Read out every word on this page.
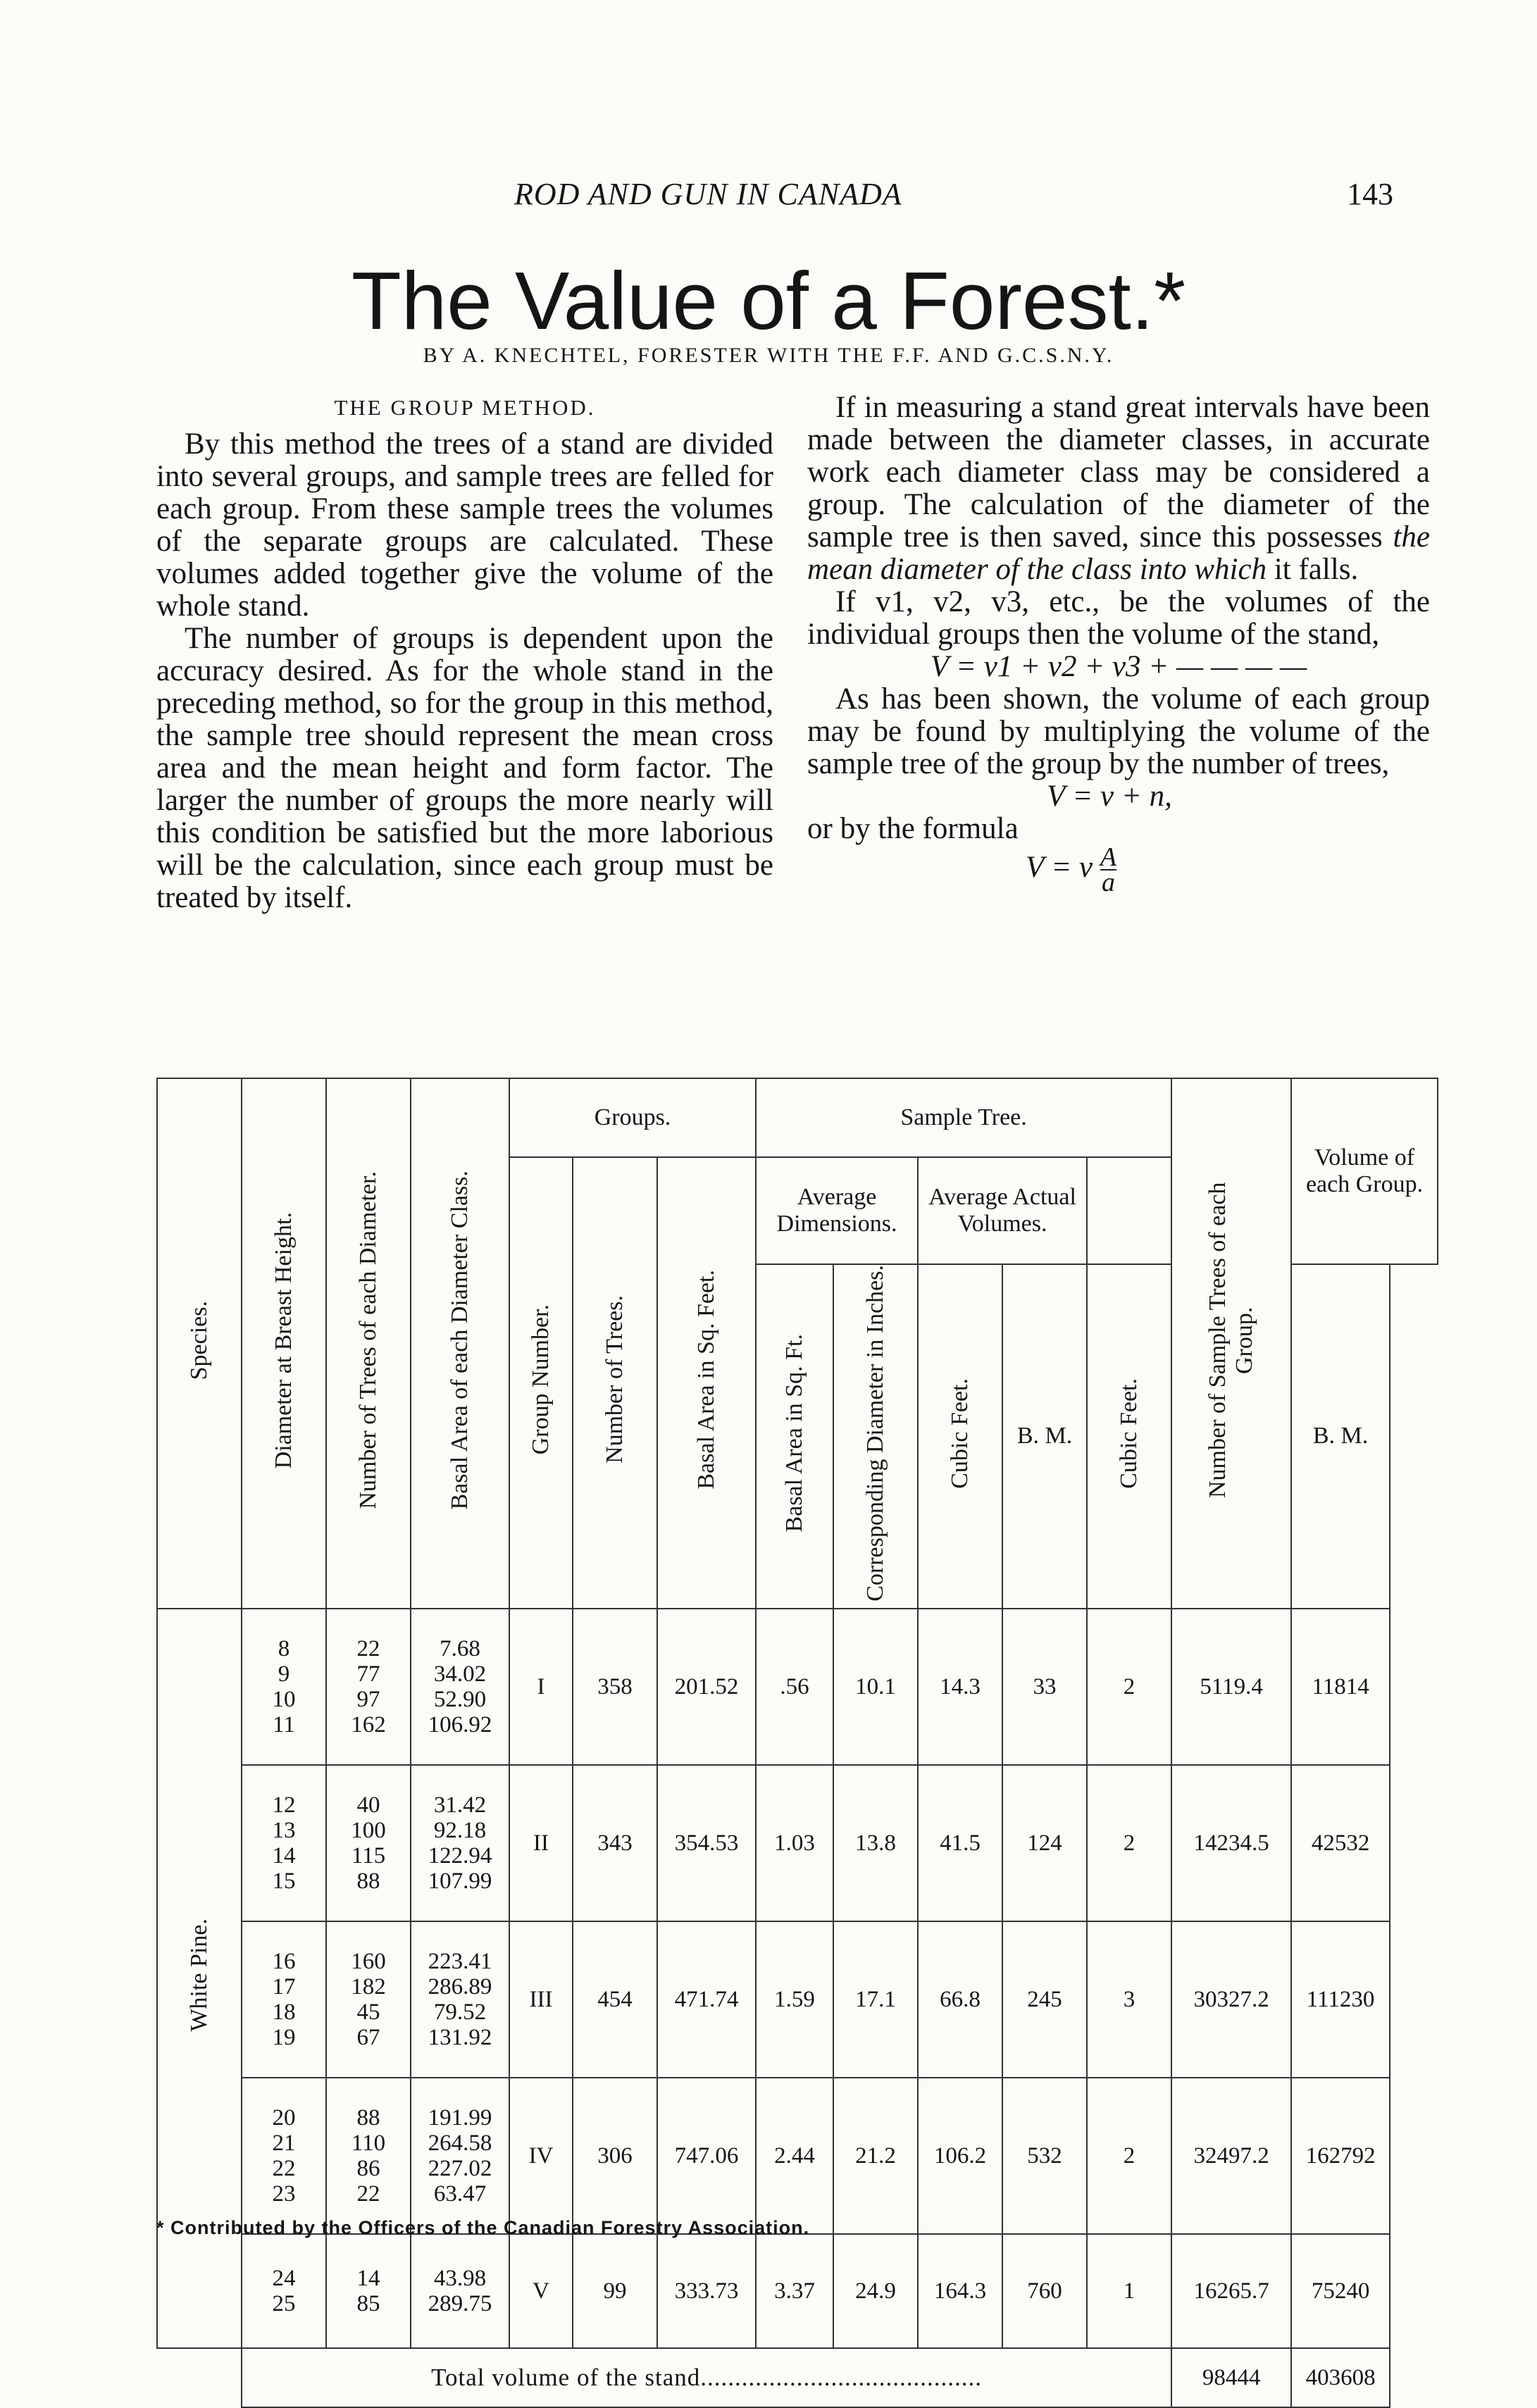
ROD AND GUN IN CANADA	143
The Value of a Forest.*
BY A. KNECHTEL, FORESTER WITH THE F.F. AND G.C.S.N.Y.

THE GROUP METHOD.

By this method the trees of a stand are divided into several groups, and sample trees are felled for each group. From these sample trees the volumes of the separate groups are calculated. These volumes added together give the volume of the whole stand.

The number of groups is dependent upon the accuracy desired. As for the whole stand in the preceding method, so for the group in this method, the sample tree should represent the mean cross area and the mean height and form factor. The larger the number of groups the more nearly will this condition be satisfied but the more laborious will be the calculation, since each group must be treated by itself.

If in measuring a stand great intervals have been made between the diameter classes, in accurate work each diameter class may be considered a group. The calculation of the diameter of the sample tree is then saved, since this possesses the mean diameter of the class into which it falls.

If v1, v2, v3, etc., be the volumes of the individual groups then the volume of the stand,

V = v1 + v2 + v3 + — — — —

As has been shown, the volume of each group may be found by multiplying the volume of the sample tree of the group by the number of trees,

V = v + n,

or by the formula

V = v $\frac{A}{a}$

Species.	Diameter at Breast Height.	Number of Trees of each Diameter.	Basal Area of each Diameter Class.	Groups.			Sample Tree.					Number of Sample Trees of each Group.	Volume of each Group.
				Group Number.	Number of Trees.	Basal Area in Sq. Feet.	Average Dimensions.		Average Actual Volumes.				
							Basal Area in Sq. Ft.	Corresponding Diameter in Inches.	Cubic Feet.	B. M.	Cubic Feet.		B. M.
White Pine.	8
9
10
11	22
77
97
162	7.68
34.02
52.90
106.92	I	358	201.52	.56	10.1	14.3	33	2	5119.4	11814
	12
13
14
15	40
100
115
88	31.42
92.18
122.94
107.99	II	343	354.53	1.03	13.8	41.5	124	2	14234.5	42532
	16
17
18
19	160
182
45
67	223.41
286.89
79.52
131.92	III	454	471.74	1.59	17.1	66.8	245	3	30327.2	111230
	20
21
22
23	88
110
86
22	191.99
264.58
227.02
63.47	IV	306	747.06	2.44	21.2	106.2	532	2	32497.2	162792
	24
25	14
85	43.98
289.75	V	99	333.73	3.37	24.9	164.3	760	1	16265.7	75240
	Total volume of the stand.........................................											98444	403608
* Contributed by the Officers of the Canadian Forestry Association.
